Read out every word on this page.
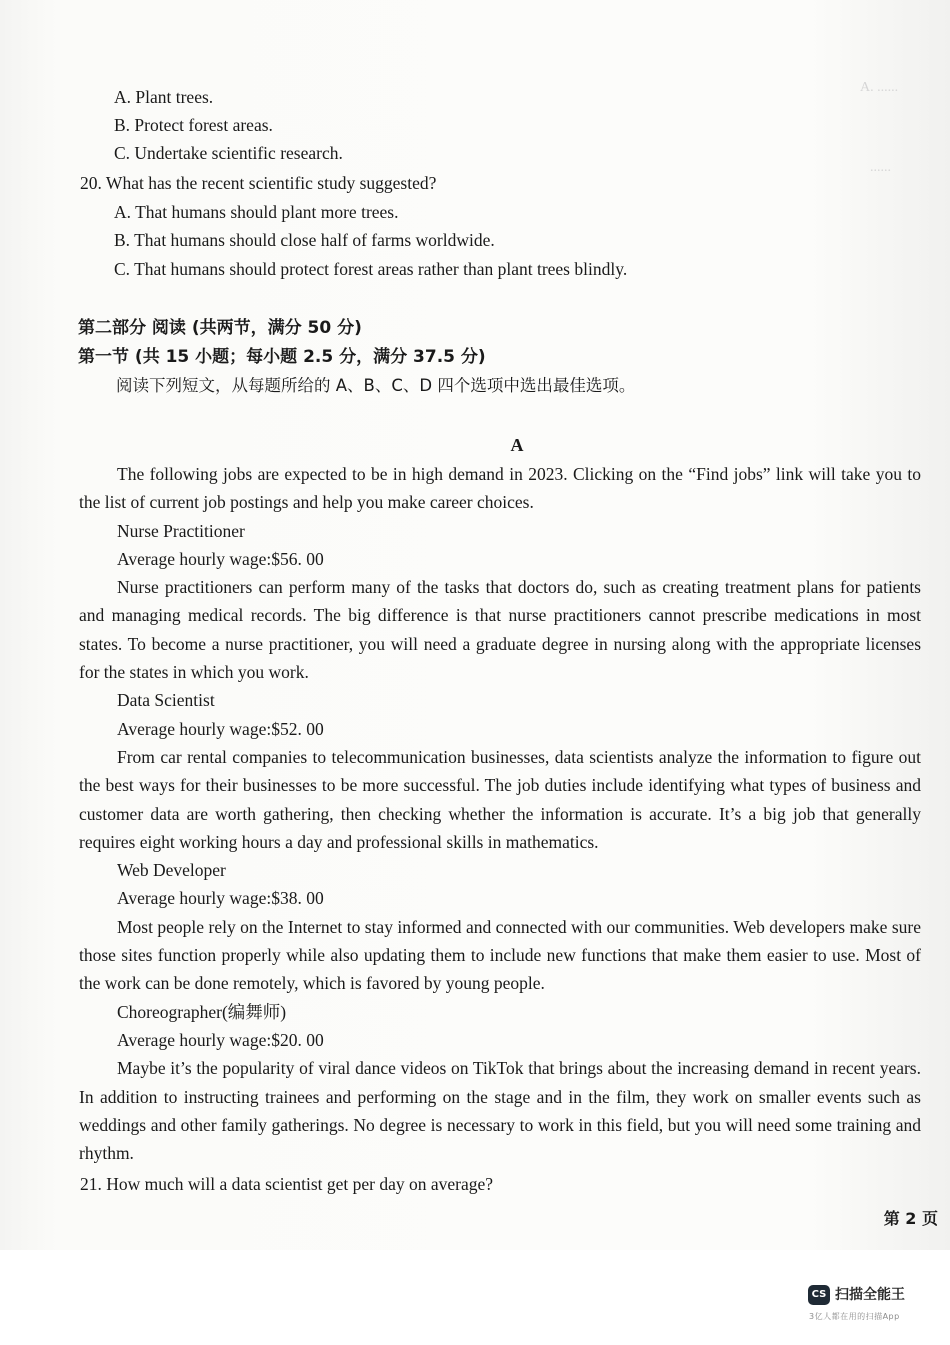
A. ......
......
A. Plant trees.
B. Protect forest areas.
C. Undertake scientific research.
20. What has the recent scientific study suggested?
A. That humans should plant more trees.
B. That humans should close half of farms worldwide.
C. That humans should protect forest areas rather than plant trees blindly.
第二部分 阅读 (共两节，满分 50 分)
第一节 (共 15 小题；每小题 2.5 分，满分 37.5 分)
阅读下列短文，从每题所给的 A、B、C、D 四个选项中选出最佳选项。
A

The following jobs are expected to be in high demand in 2023. Clicking on the “Find jobs” link will take you to the list of current job postings and help you make career choices.

Nurse Practitioner

Average hourly wage:$56. 00

Nurse practitioners can perform many of the tasks that doctors do, such as creating treatment plans for patients and managing medical records. The big difference is that nurse practitioners cannot prescribe medications in most states. To become a nurse practitioner, you will need a graduate degree in nursing along with the appropriate licenses for the states in which you work.

Data Scientist

Average hourly wage:$52. 00

From car rental companies to telecommunication businesses, data scientists analyze the information to figure out the best ways for their businesses to be more successful. The job duties include identifying what types of business and customer data are worth gathering, then checking whether the information is accurate. It’s a big job that generally requires eight working hours a day and professional skills in mathematics.

Web Developer

Average hourly wage:$38. 00

Most people rely on the Internet to stay informed and connected with our communities. Web developers make sure those sites function properly while also updating them to include new functions that make them easier to use. Most of the work can be done remotely, which is favored by young people.

Choreographer(编舞师)

Average hourly wage:$20. 00

Maybe it’s the popularity of viral dance videos on TikTok that brings about the increasing demand in recent years. In addition to instructing trainees and performing on the stage and in the film, they work on smaller events such as weddings and other family gatherings. No degree is necessary to work in this field, but you will need some training and rhythm.

21. How much will a data scientist get per day on average?
第 2 页
CS 扫描全能王
3亿人都在用的扫描App
